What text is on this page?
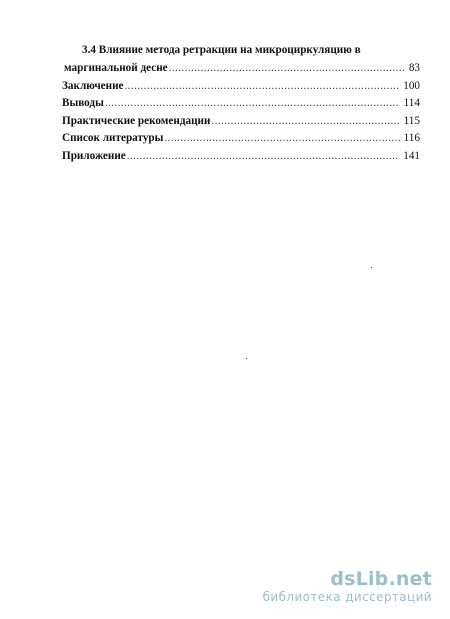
3.4 Влияние метода ретракции на микроциркуляцию в
маргинальной десне .....	83
Заключение .....	100
Выводы .....	114
Практические рекомендации .....	115
Список литературы .....	116
Приложение .....	141
dsLib.net
библиотека диссертаций
